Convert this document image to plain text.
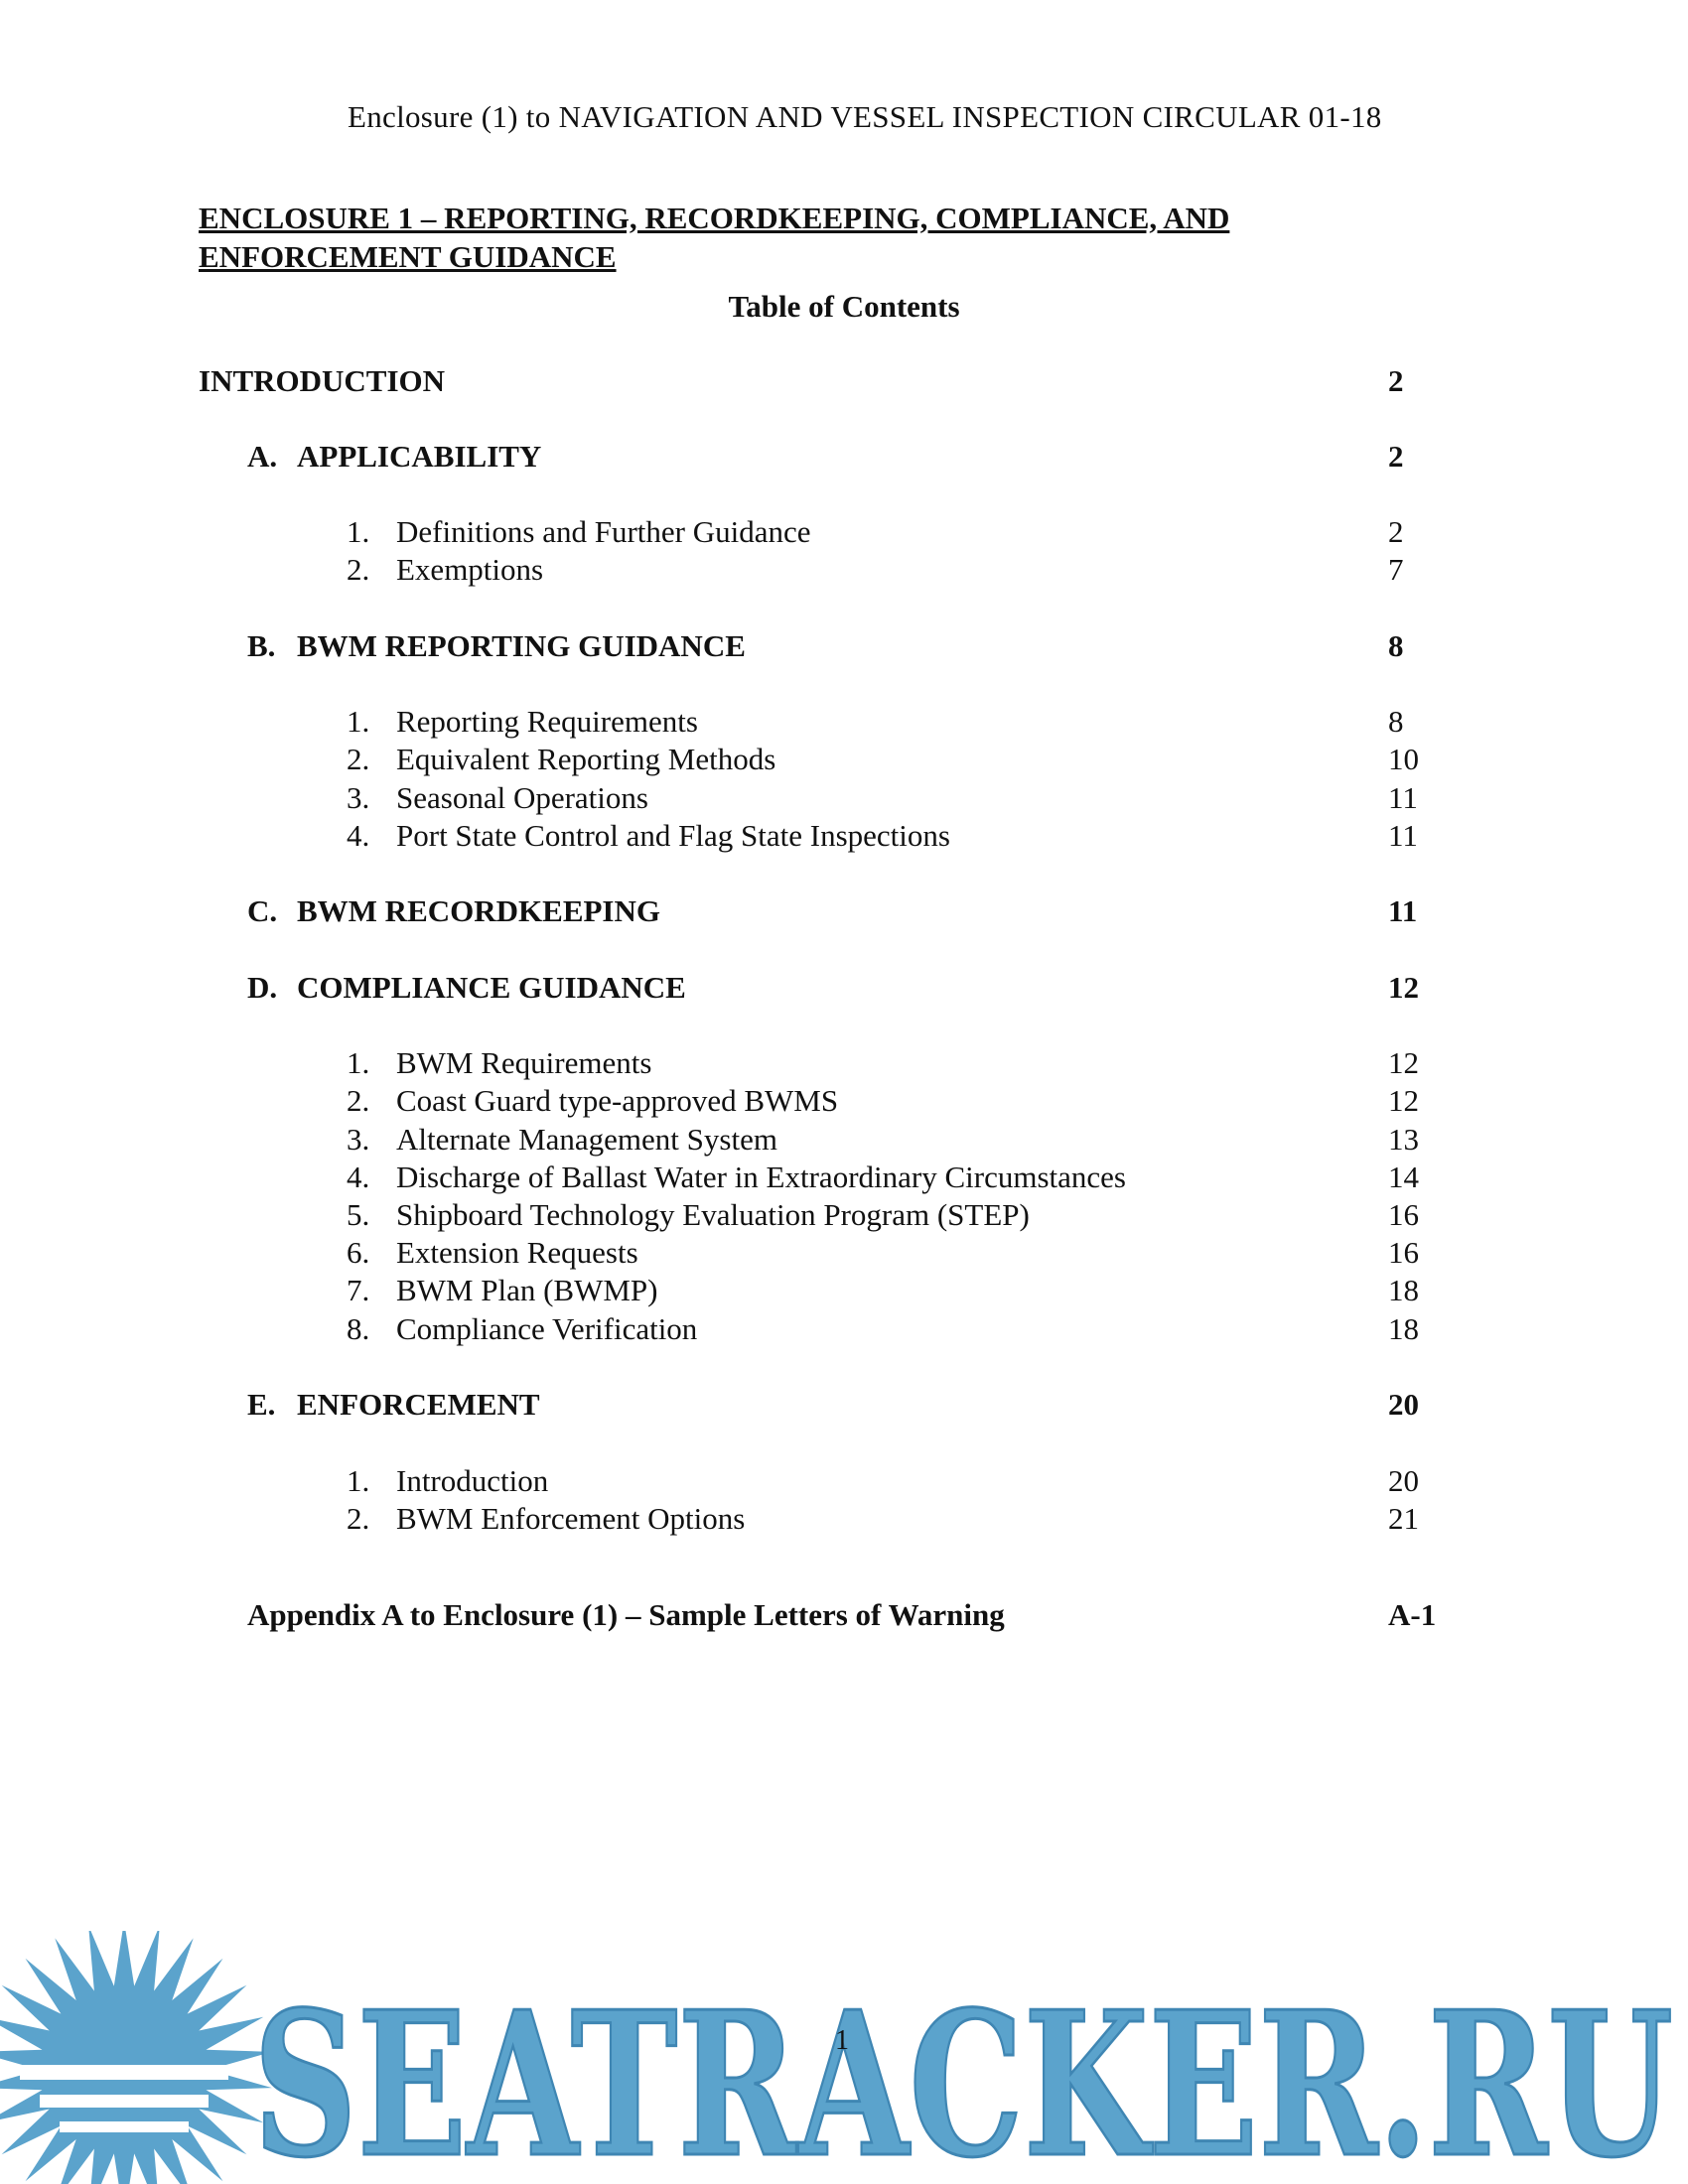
Enclosure (1) to NAVIGATION AND VESSEL INSPECTION CIRCULAR 01-18
ENCLOSURE 1 – REPORTING, RECORDKEEPING, COMPLIANCE, AND
ENFORCEMENT GUIDANCE
Table of Contents
INTRODUCTION	2
A. APPLICABILITY	2
1. Definitions and Further Guidance	2
2. Exemptions	7
B. BWM REPORTING GUIDANCE	8
1. Reporting Requirements	8
2. Equivalent Reporting Methods	10
3. Seasonal Operations	11
4. Port State Control and Flag State Inspections	11
C. BWM RECORDKEEPING	11
D. COMPLIANCE GUIDANCE	12
1. BWM Requirements	12
2. Coast Guard type-approved BWMS	12
3. Alternate Management System	13
4. Discharge of Ballast Water in Extraordinary Circumstances	14
5. Shipboard Technology Evaluation Program (STEP)	16
6. Extension Requests	16
7. BWM Plan (BWMP)	18
8. Compliance Verification	18
E. ENFORCEMENT	20
1. Introduction	20
2. BWM Enforcement Options	21
Appendix A to Enclosure (1) – Sample Letters of Warning	A-1
SEATRACKER.RU
1
